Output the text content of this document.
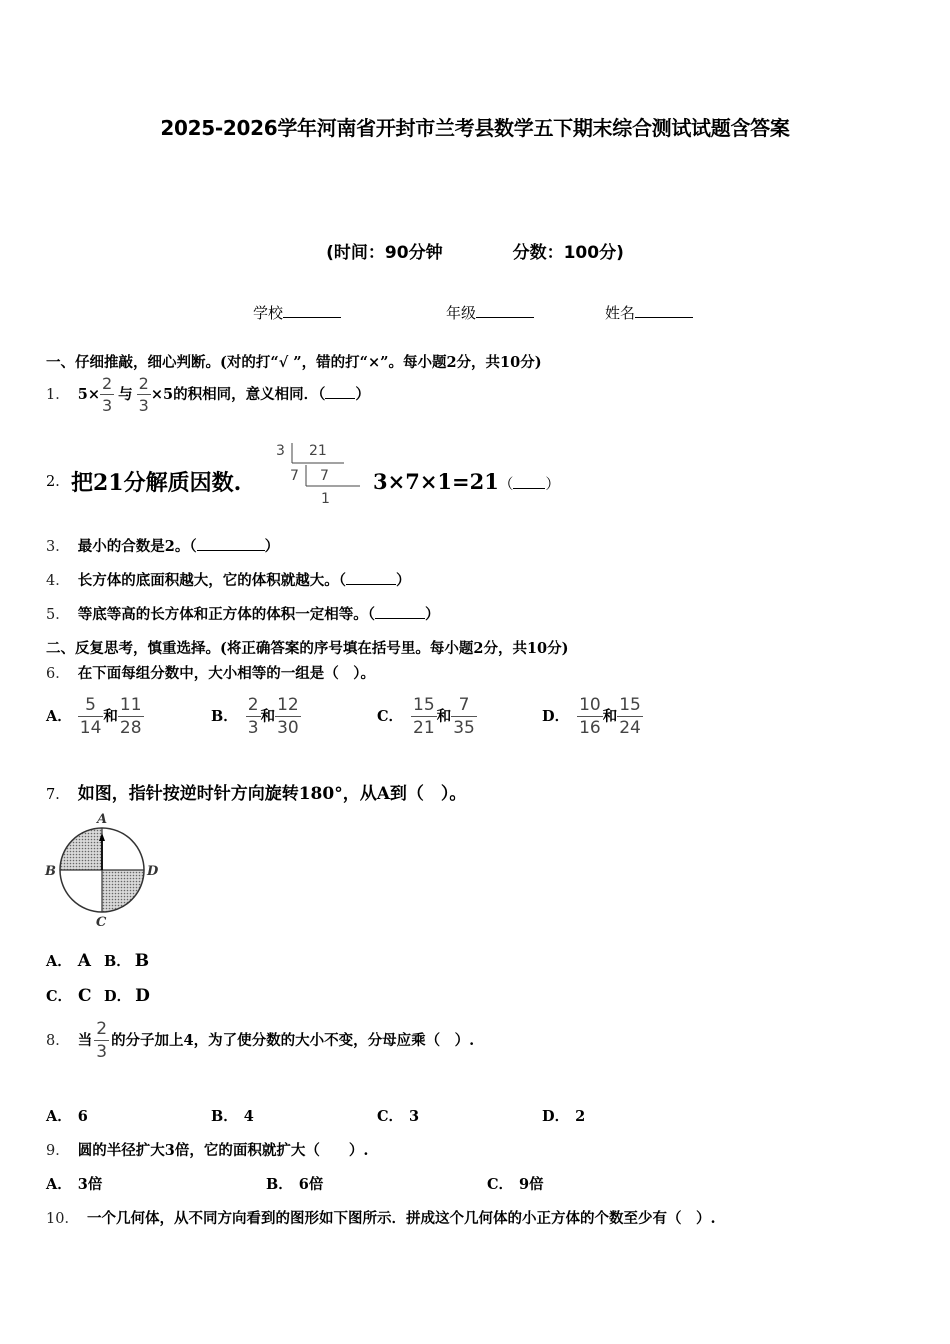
2025-2026学年河南省开封市兰考县数学五下期末综合测试试题含答案
(时间：90分钟	分数：100分)
学校	年级	姓名
一、仔细推敲，细心判断。(对的打“√ ”，错的打“×”。每小题2分，共10分)
1． $5\times \frac{2}{3}$ 与 $\frac{2}{3} \times 5$的积相同，意义相同．（ ）
2． 把21分解质因数.
3 21
7 7
1
3×7×1=21（ ）
3． 最小的合数是2。（	）
4． 长方体的底面积越大，它的体积就越大。（	）
5． 等底等高的长方体和正方体的体积一定相等。（	）
二、反复思考，慎重选择。(将正确答案的序号填在括号里。每小题2分，共10分)
6． 在下面每组分数中，大小相等的一组是（　）。
A． $\frac{5}{14}$ 和 $\frac{11}{28}$	B． $\frac{2}{3}$ 和 $\frac{12}{30}$	C． $\frac{15}{21}$ 和 $\frac{7}{35}$	D． $\frac{10}{16}$ 和 $\frac{15}{24}$
7． 如图，指针按逆时针方向旋转180°，从A到（　）。
A
B
C
D
A． A B． B
C． C D． D
8． 当 $\frac{2}{3}$ 的分子加上4，为了使分数的大小不变，分母应乘（　）.
A． 6	B． 4	C． 3	D． 2
9． 圆的半径扩大3倍，它的面积就扩大（　　）.
A． 3倍	B． 6倍	C． 9倍
10． 一个几何体，从不同方向看到的图形如下图所示．拼成这个几何体的小正方体的个数至少有（　）.
